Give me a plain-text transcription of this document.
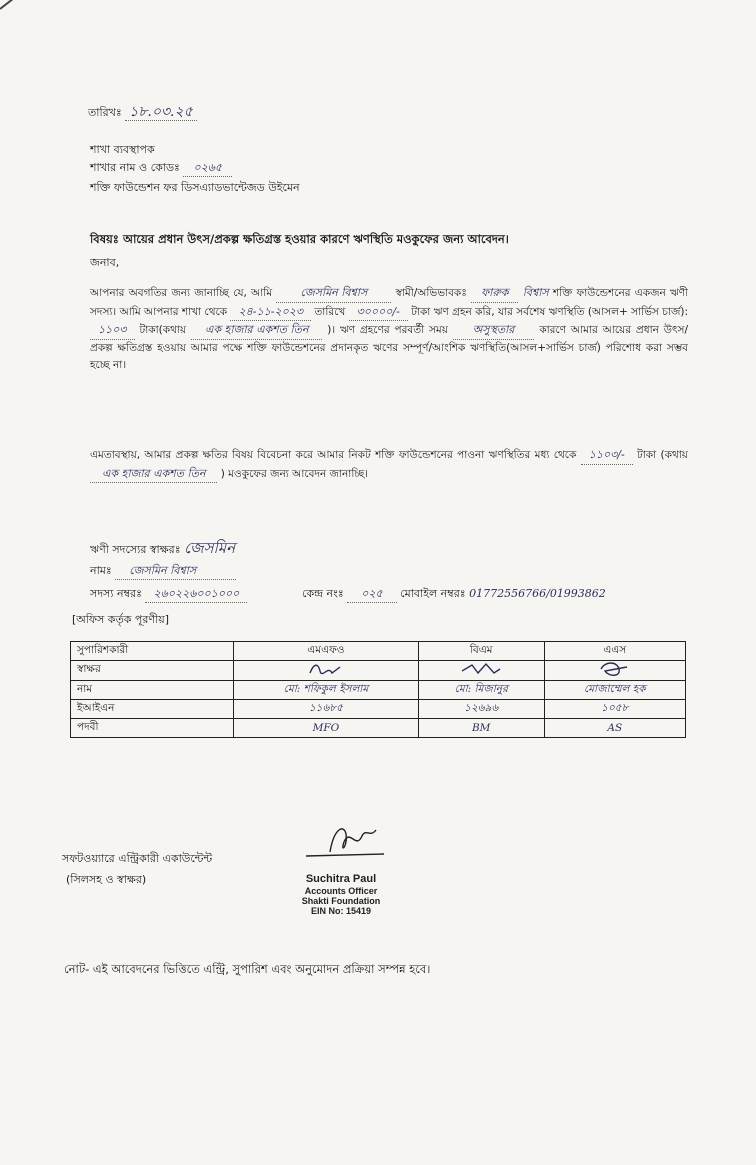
তারিখঃ ১৮.০৩.২৫
শাখা ব্যবস্থাপক
শাখার নাম ও কোডঃ ০২৬৫
শক্তি ফাউন্ডেশন ফর ডিসএ্যাডভান্টেজড উইমেন
বিষয়ঃ আয়ের প্রধান উৎস/প্রকল্প ক্ষতিগ্রস্ত হওয়ার কারণে ঋণস্থিতি মওকুফের জন্য আবেদন।
জনাব,
আপনার অবগতির জন্য জানাচ্ছি যে, আমি	জেসমিন বিশ্বাস	স্বামী/অভিভাবকঃ ফারুক বিশ্বাস শক্তি ফাউন্ডেশনের একজন ঋণী সদস্য। আমি আপনার শাখা থেকে ২৪-১১-২০২৩ তারিখে ৩০০০০/- টাকা ঋণ গ্রহন করি, যার সর্বশেষ ঋণস্থিতি (আসল+ সার্ভিস চার্জ): ১১০৩ টাকা(কথায় এক হাজার একশত তিন )। ঋণ গ্রহণের পরবর্তী সময় অসুস্থতার কারণে আমার আয়ের প্রধান উৎস/প্রকল্প ক্ষতিগ্রস্ত হওয়ায় আমার পক্ষে শক্তি ফাউন্ডেশনের প্রদানকৃত ঋণের সম্পূর্ণ/আংশিক ঋণস্থিতি(আসল+সার্ভিস চার্জ) পরিশোধ করা সম্ভব হচ্ছে না।
এমতাবস্থায়, আমার প্রকল্প ক্ষতির বিষয় বিবেচনা করে আমার নিকট শক্তি ফাউন্ডেশনের পাওনা ঋণস্থিতির মধ্য থেকে ১১০৩/- টাকা (কথায় এক হাজার একশত তিন ) মওকুফের জন্য আবেদন জানাচ্ছি।
ঋণী সদস্যের স্বাক্ষরঃ জেসমিন
নামঃ জেসমিন বিশ্বাস
সদস্য নম্বরঃ ২৬০২২৬০০১০০০	কেন্দ্র নংঃ ০২৫ মোবাইল নম্বরঃ 01772556766/01993862
[অফিস কর্তৃক পূরণীয়]
সুপারিশকারী	এমএফও	বিএম	এএস
স্বাক্ষর			
নাম	মো: শফিকুল ইসলাম	মো: মিজানুর	মোজাম্মেল হক
ইআইএন	১১৬৮৫	১২৬৯৬	১০৫৮
পদবী	MFO	BM	AS
সফটওয়্যারে এন্ট্রিকারী একাউন্টেন্ট
(সিলসহ ও স্বাক্ষর)	Suchitra Paul
Accounts Officer
Shakti Foundation
EIN No: 15419
নোট- এই আবেদনের ভিত্তিতে এন্ট্রি, সুপারিশ এবং অনুমোদন প্রক্রিয়া সম্পন্ন হবে।
